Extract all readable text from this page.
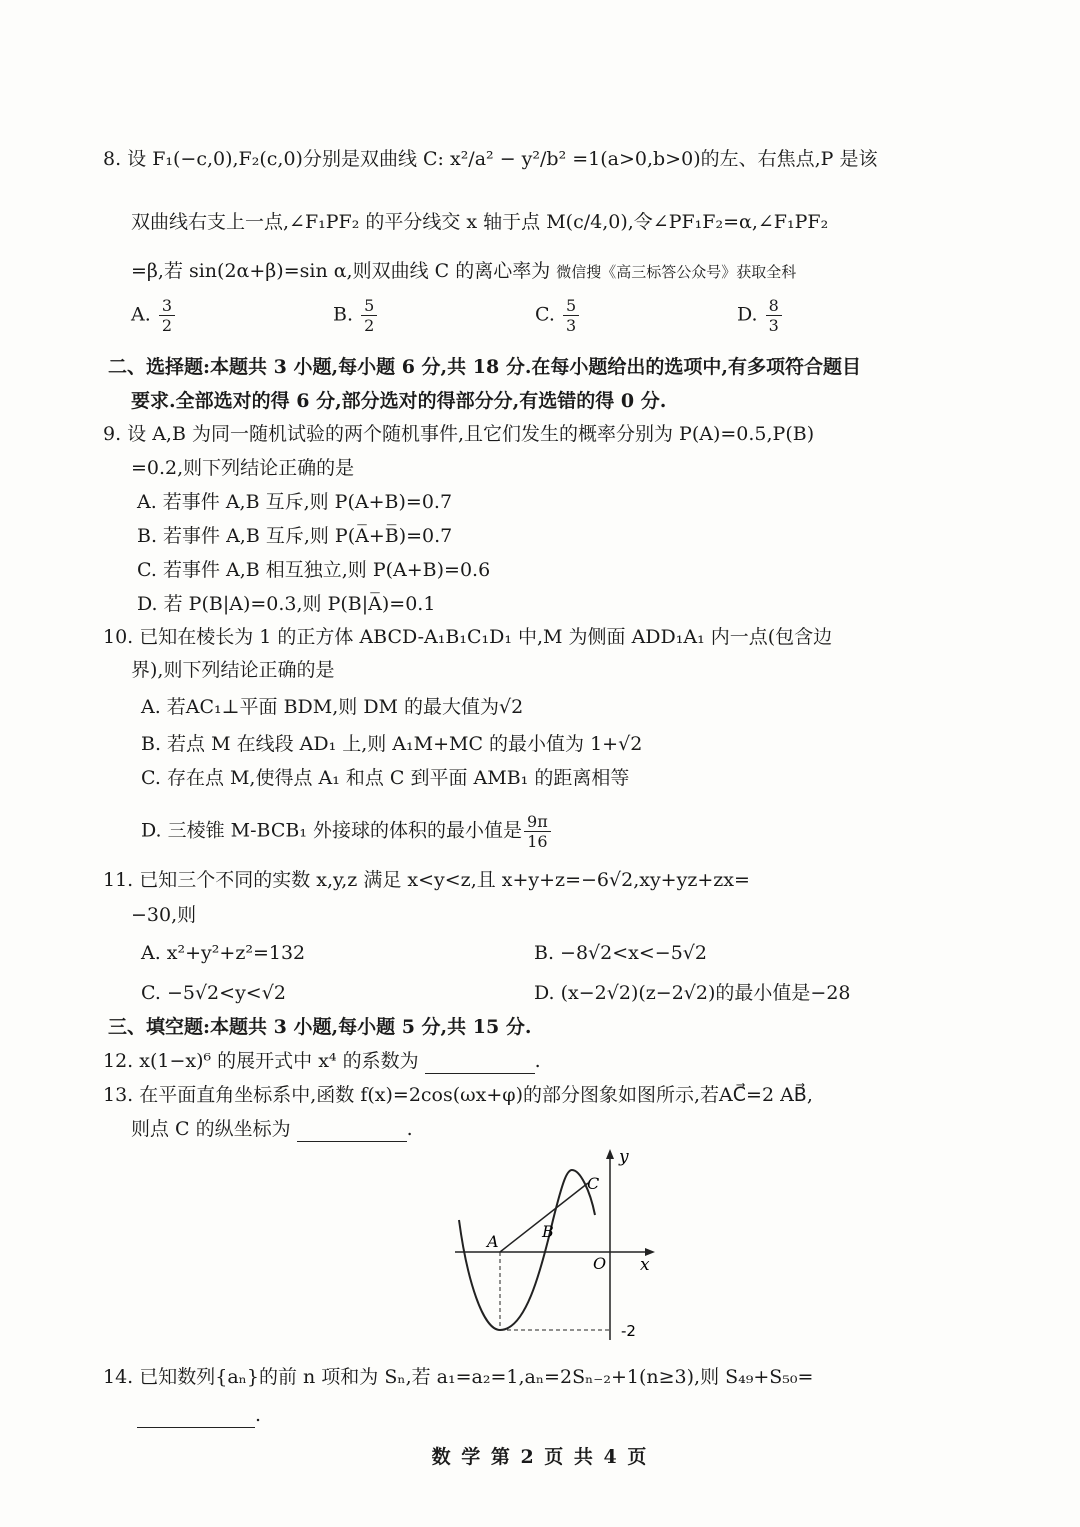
8. 设 F₁(−c,0),F₂(c,0)分别是双曲线 C: x²/a² − y²/b² =1(a>0,b>0)的左、右焦点,P 是该
双曲线右支上一点,∠F₁PF₂ 的平分线交 x 轴于点 M(c/4,0),令∠PF₁F₂=α,∠F₁PF₂
=β,若 sin(2α+β)=sin α,则双曲线 C 的离心率为 微信搜《高三标答公众号》获取全科
A. $\frac{3}{2}$	B. $\frac{5}{2}$	C. $\frac{5}{3}$	D. $\frac{8}{3}$
二、选择题:本题共 3 小题,每小题 6 分,共 18 分.在每小题给出的选项中,有多项符合题目
要求.全部选对的得 6 分,部分选对的得部分分,有选错的得 0 分.
9. 设 A,B 为同一随机试验的两个随机事件,且它们发生的概率分别为 P(A)=0.5,P(B)
=0.2,则下列结论正确的是
A. 若事件 A,B 互斥,则 P(A+B)=0.7
B. 若事件 A,B 互斥,则 P(A̅+B̅)=0.7
C. 若事件 A,B 相互独立,则 P(A+B)=0.6
D. 若 P(B|A)=0.3,则 P(B|A̅)=0.1
10. 已知在棱长为 1 的正方体 ABCD-A₁B₁C₁D₁ 中,M 为侧面 ADD₁A₁ 内一点(包含边
界),则下列结论正确的是
A. 若AC₁⊥平面 BDM,则 DM 的最大值为√2
B. 若点 M 在线段 AD₁ 上,则 A₁M+MC 的最小值为 1+√2
C. 存在点 M,使得点 A₁ 和点 C 到平面 AMB₁ 的距离相等
D. 三棱锥 M-BCB₁ 外接球的体积的最小值是 $\frac{9\pi}{16}$
11. 已知三个不同的实数 x,y,z 满足 x<y<z,且 x+y+z=−6√2,xy+yz+zx=
−30,则
A. x²+y²+z²=132	B. −8√2<x<−5√2
C. −5√2<y<√2	D. (x−2√2)(z−2√2)的最小值是−28
三、填空题:本题共 3 小题,每小题 5 分,共 15 分.
12. x(1−x)⁶ 的展开式中 x⁴ 的系数为	.
13. 在平面直角坐标系中,函数 f(x)=2cos(ωx+φ)的部分图象如图所示,若AC⃗=2 AB⃗,
则点 C 的纵坐标为	.
y
x
O
A
B
C
-2
14. 已知数列{aₙ}的前 n 项和为 Sₙ,若 a₁=a₂=1,aₙ=2Sₙ₋₂+1(n≥3),则 S₄₉+S₅₀=
.
数 学 第 2 页 共 4 页
